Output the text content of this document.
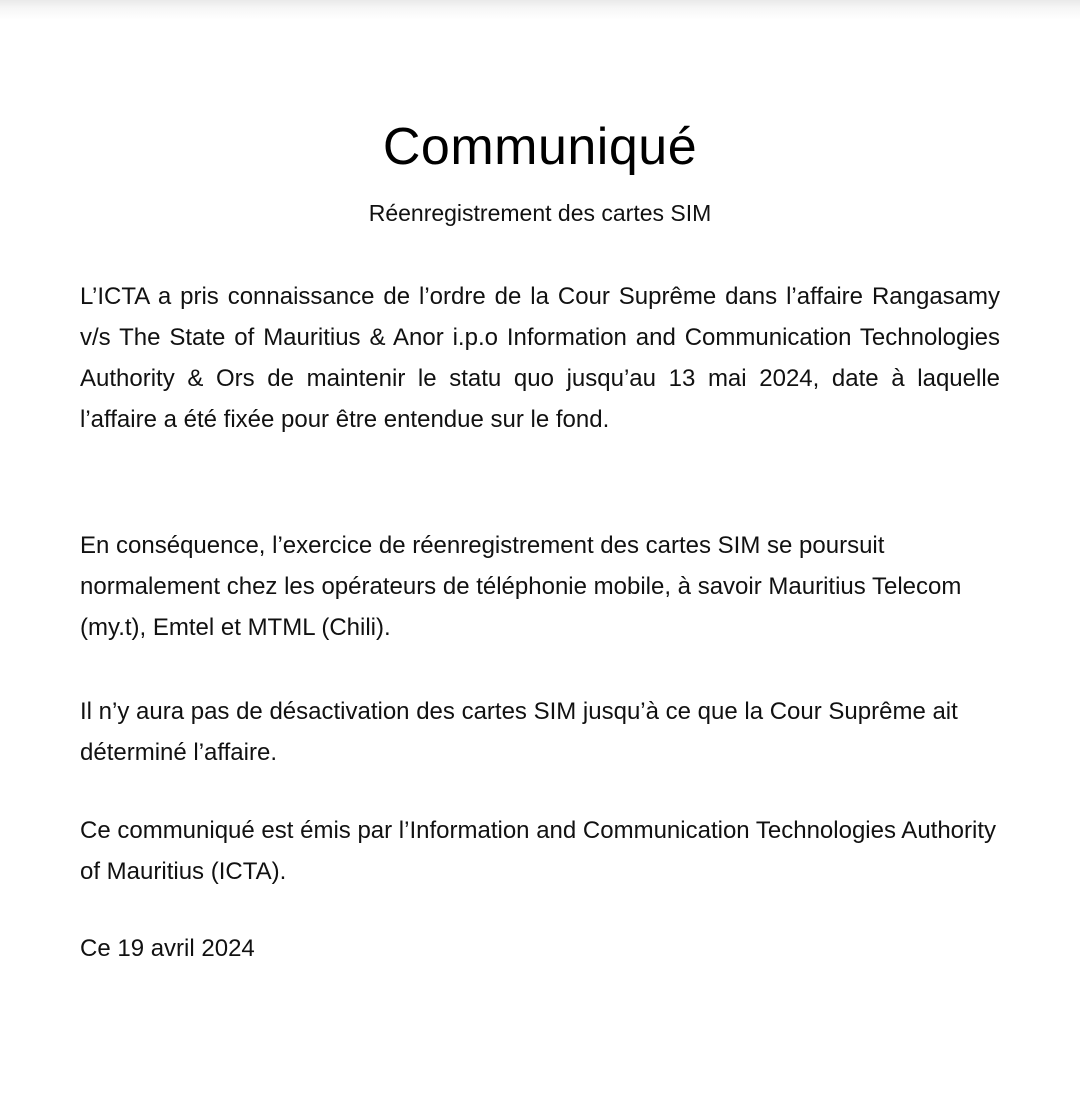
Communiqué

Réenregistrement des cartes SIM

L’ICTA a pris connaissance de l’ordre de la Cour Suprême dans l’affaire Rangasamy v/s The State of Mauritius & Anor i.p.o Information and Communication Technologies Authority & Ors de maintenir le statu quo jusqu’au 13 mai 2024, date à laquelle l’affaire a été fixée pour être entendue sur le fond.

En conséquence, l’exercice de réenregistrement des cartes SIM se poursuit normalement chez les opérateurs de téléphonie mobile, à savoir Mauritius Telecom (my.t), Emtel et MTML (Chili).

Il n’y aura pas de désactivation des cartes SIM jusqu’à ce que la Cour Suprême ait déterminé l’affaire.

Ce communiqué est émis par l’Information and Communication Technologies Authority of Mauritius (ICTA).

Ce 19 avril 2024
